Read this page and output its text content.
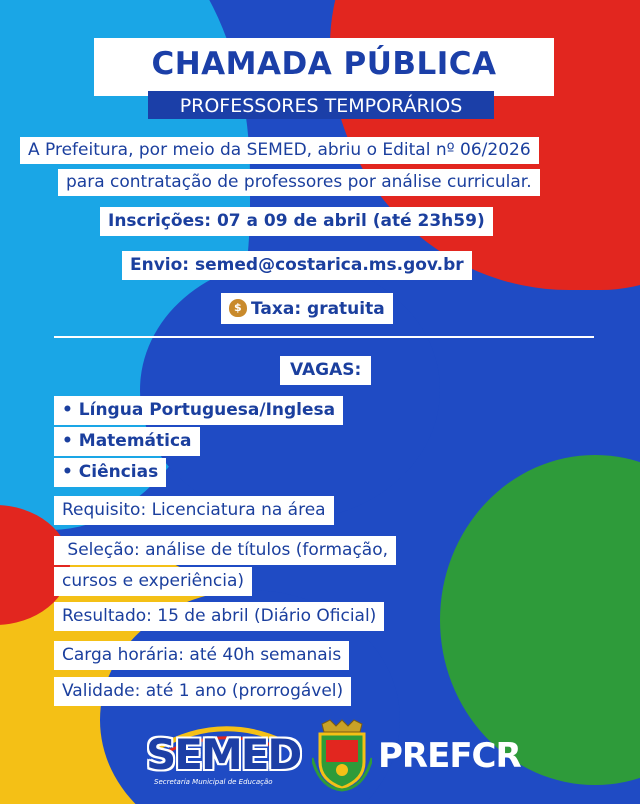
CHAMADA PÚBLICA
PROFESSORES TEMPORÁRIOS
A Prefeitura, por meio da SEMED, abriu o Edital nº 06/2026
para contratação de professores por análise curricular.
Inscrições: 07 a 09 de abril (até 23h59)
Envio: semed@costarica.ms.gov.br
$ Taxa: gratuita
VAGAS:
• Língua Portuguesa/Inglesa
• Matemática
• Ciências
Requisito: Licenciatura na área
Seleção: análise de títulos (formação,
cursos e experiência)
Resultado: 15 de abril (Diário Oficial)
Carga horária: até 40h semanais
Validade: até 1 ano (prorrogável)
SEMED
Secretaria Municipal de Educação
PREFCR
